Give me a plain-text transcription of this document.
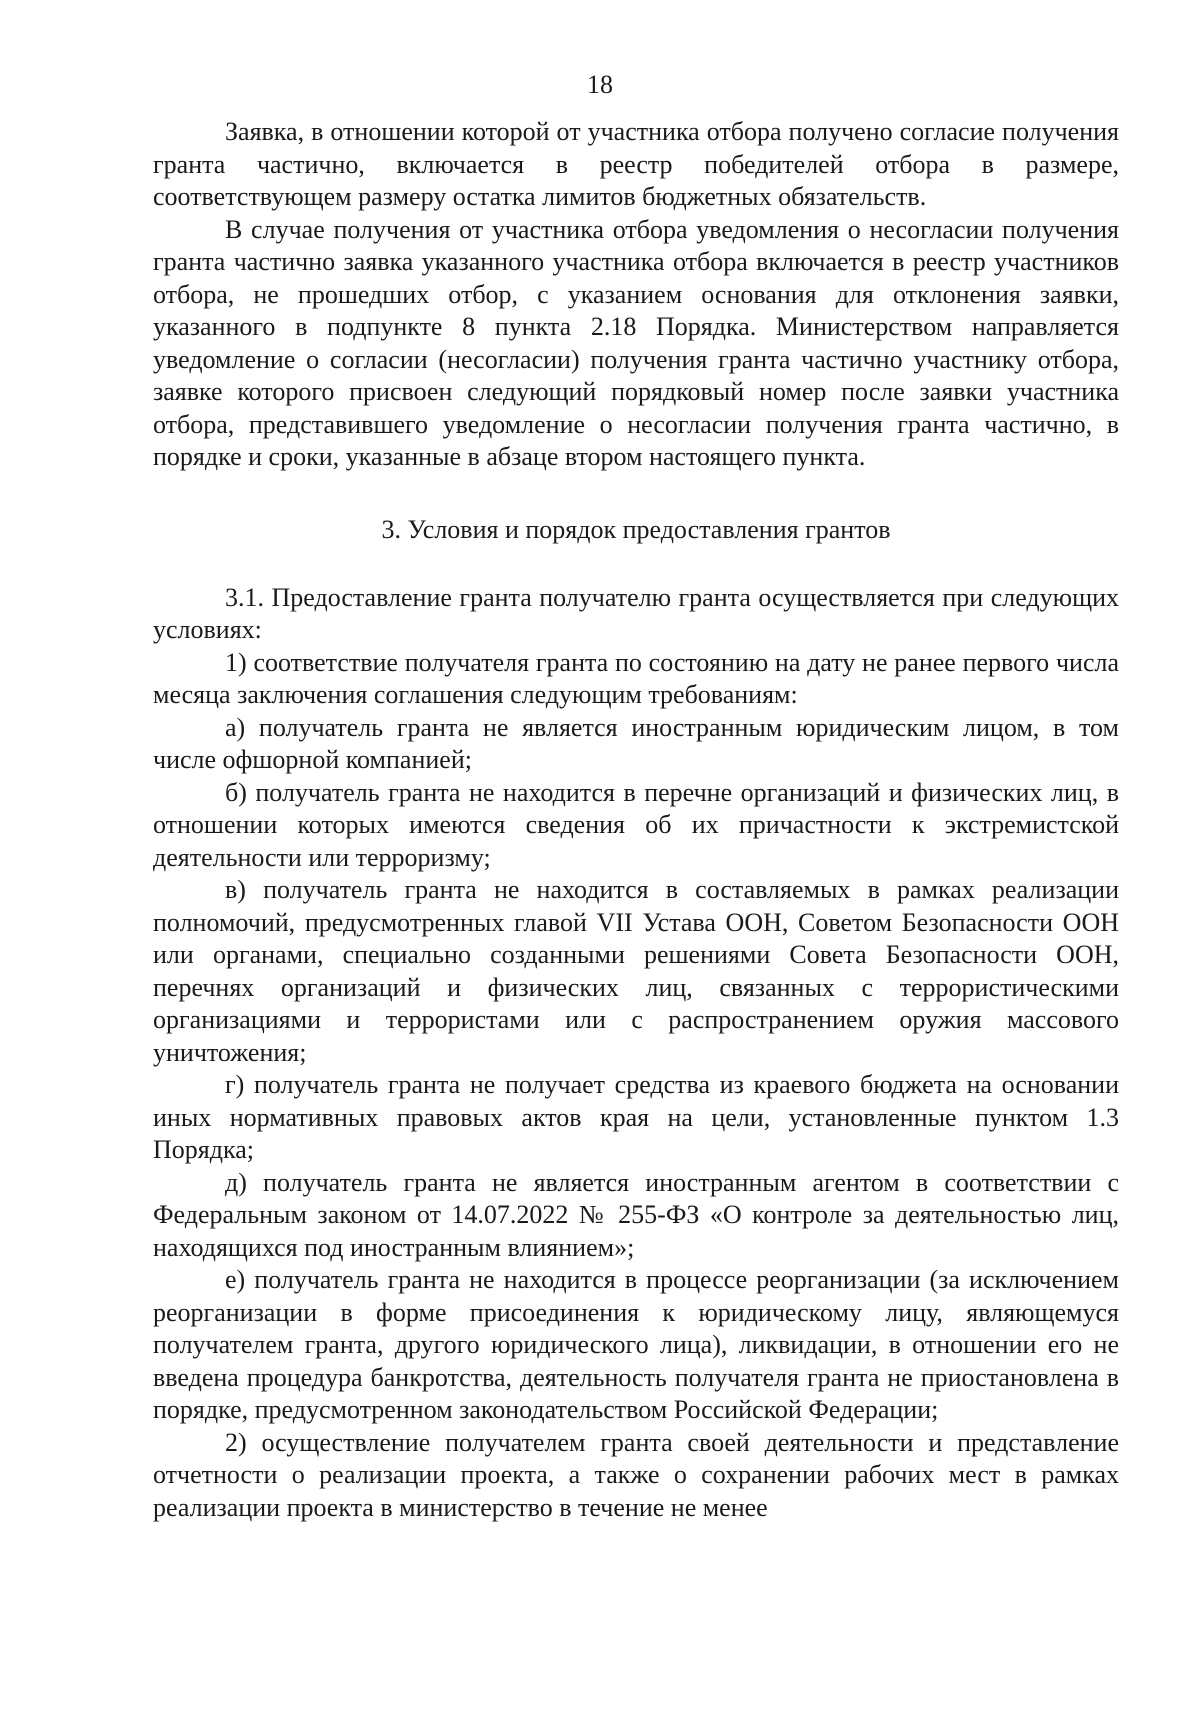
18

Заявка, в отношении которой от участника отбора получено согласие получения гранта частично, включается в реестр победителей отбора в размере, соответствующем размеру остатка лимитов бюджетных обязательств.

В случае получения от участника отбора уведомления о несогласии получения гранта частично заявка указанного участника отбора включается в реестр участников отбора, не прошедших отбор, с указанием основания для отклонения заявки, указанного в подпункте 8 пункта 2.18 Порядка. Министерством направляется уведомление о согласии (несогласии) получения гранта частично участнику отбора, заявке которого присвоен следующий порядковый номер после заявки участника отбора, представившего уведомление о несогласии получения гранта частично, в порядке и сроки, указанные в абзаце втором настоящего пункта.

3. Условия и порядок предоставления грантов

3.1. Предоставление гранта получателю гранта осуществляется при следующих условиях:

1) соответствие получателя гранта по состоянию на дату не ранее первого числа месяца заключения соглашения следующим требованиям:

а) получатель гранта не является иностранным юридическим лицом, в том числе офшорной компанией;

б) получатель гранта не находится в перечне организаций и физических лиц, в отношении которых имеются сведения об их причастности к экстремистской деятельности или терроризму;

в) получатель гранта не находится в составляемых в рамках реализации полномочий, предусмотренных главой VII Устава ООН, Советом Безопасности ООН или органами, специально созданными решениями Совета Безопасности ООН, перечнях организаций и физических лиц, связанных с террористическими организациями и террористами или с распространением оружия массового уничтожения;

г) получатель гранта не получает средства из краевого бюджета на основании иных нормативных правовых актов края на цели, установленные пунктом 1.3 Порядка;

д) получатель гранта не является иностранным агентом в соответствии с Федеральным законом от 14.07.2022 № 255-ФЗ «О контроле за деятельностью лиц, находящихся под иностранным влиянием»;

е) получатель гранта не находится в процессе реорганизации (за исключением реорганизации в форме присоединения к юридическому лицу, являющемуся получателем гранта, другого юридического лица), ликвидации, в отношении его не введена процедура банкротства, деятельность получателя гранта не приостановлена в порядке, предусмотренном законодательством Российской Федерации;

2) осуществление получателем гранта своей деятельности и представление отчетности о реализации проекта, а также о сохранении рабочих мест в рамках реализации проекта в министерство в течение не менее
